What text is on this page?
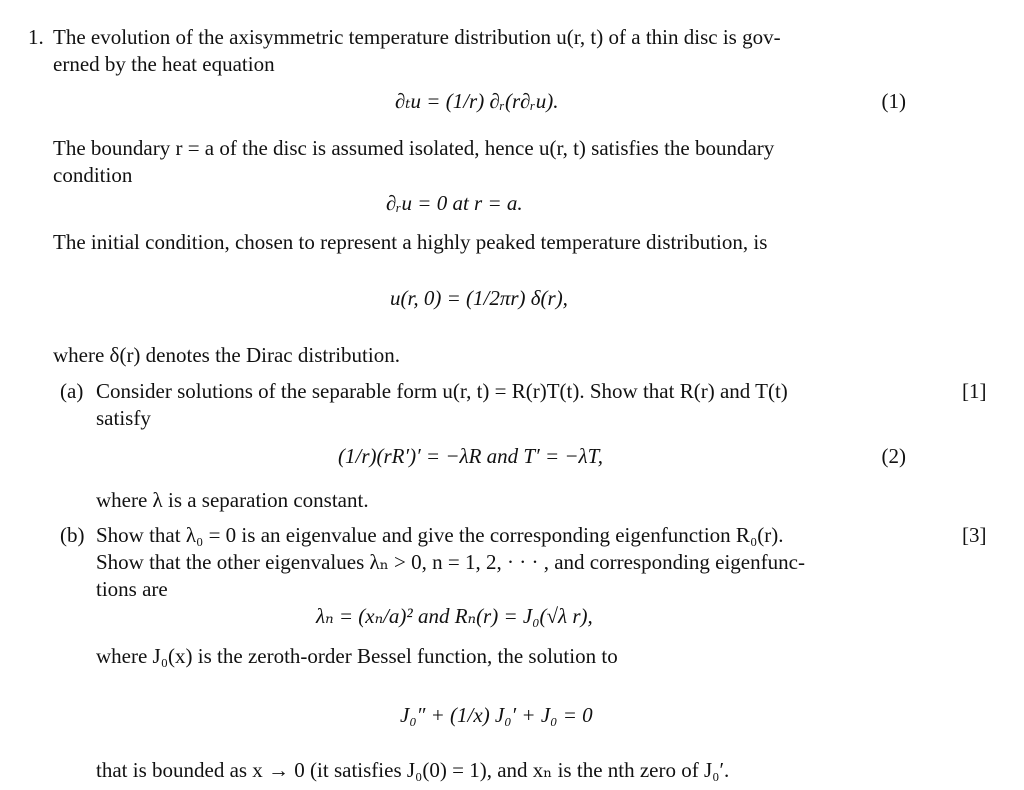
1. The evolution of the axisymmetric temperature distribution u(r, t) of a thin disc is gov-
erned by the heat equation
∂ₜu = (1/r) ∂ᵣ(r∂ᵣu).	(1)
The boundary r = a of the disc is assumed isolated, hence u(r, t) satisfies the boundary
condition
∂ᵣu = 0 at r = a.
The initial condition, chosen to represent a highly peaked temperature distribution, is
u(r, 0) = (1/2πr) δ(r),
where δ(r) denotes the Dirac distribution.
(a) Consider solutions of the separable form u(r, t) = R(r)T(t). Show that R(r) and T(t)	[1]
satisfy
(1/r)(rR′)′ = −λR and T′ = −λT,	(2)
where λ is a separation constant.
(b) Show that λ₀ = 0 is an eigenvalue and give the corresponding eigenfunction R₀(r).	[3]
Show that the other eigenvalues λₙ > 0, n = 1, 2, · · · , and corresponding eigenfunc-
tions are
λₙ = (xₙ/a)² and Rₙ(r) = J₀(√λ r),
where J₀(x) is the zeroth-order Bessel function, the solution to
J₀″ + (1/x) J₀′ + J₀ = 0
that is bounded as x → 0 (it satisfies J₀(0) = 1), and xₙ is the nth zero of J₀′.
